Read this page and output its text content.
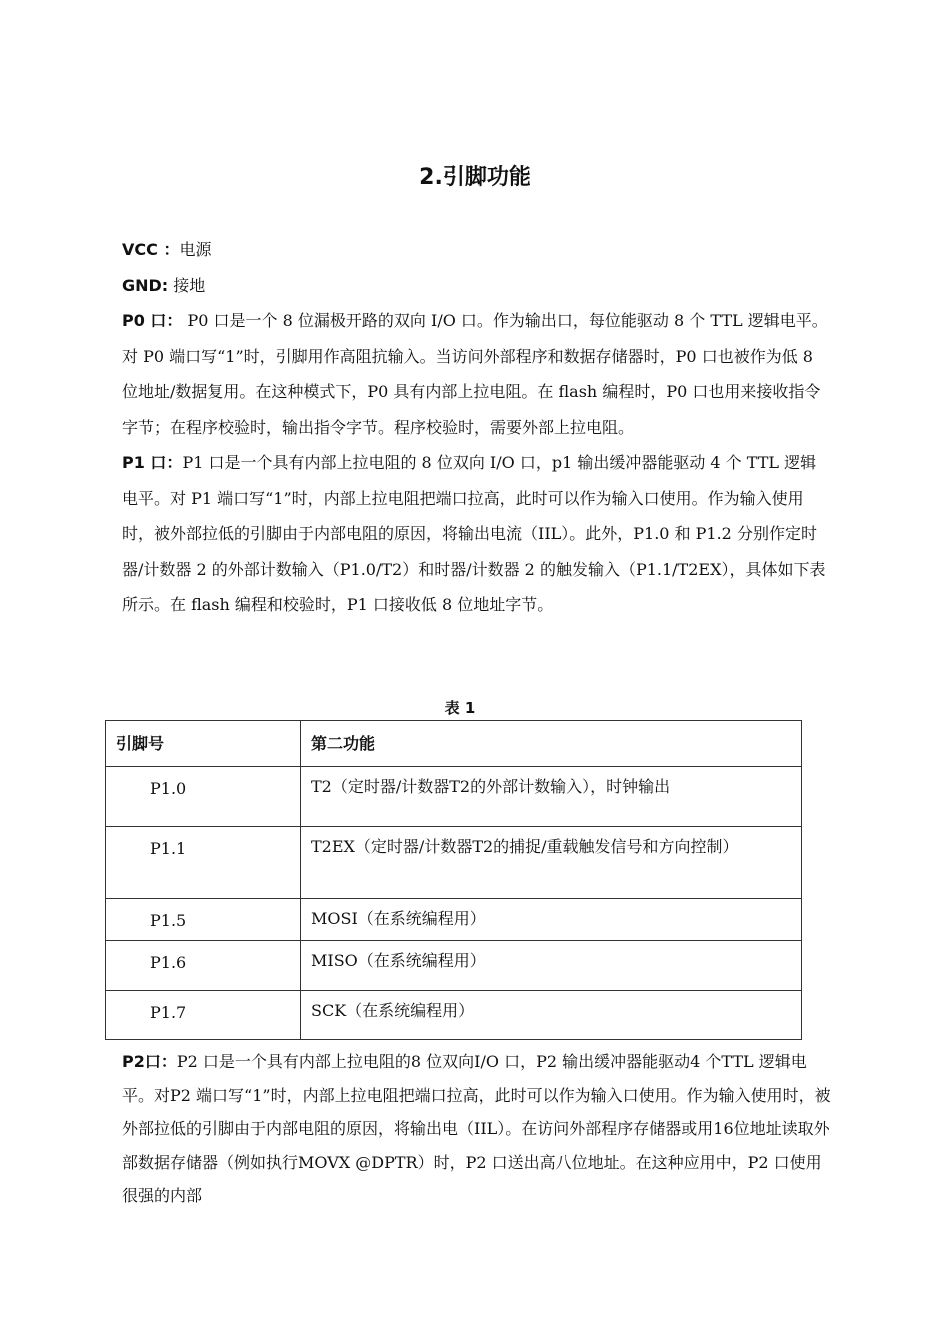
2.引脚功能

VCC ：电源

GND: 接地

P0 口： P0 口是一个 8 位漏极开路的双向 I/O 口。作为输出口，每位能驱动 8 个 TTL 逻辑电平。对 P0 端口写“1”时，引脚用作高阻抗输入。当访问外部程序和数据存储器时，P0 口也被作为低 8 位地址/数据复用。在这种模式下，P0 具有内部上拉电阻。在 flash 编程时，P0 口也用来接收指令字节；在程序校验时，输出指令字节。程序校验时，需要外部上拉电阻。

P1 口：P1 口是一个具有内部上拉电阻的 8 位双向 I/O 口，p1 输出缓冲器能驱动 4 个 TTL 逻辑电平。对 P1 端口写“1”时，内部上拉电阻把端口拉高，此时可以作为输入口使用。作为输入使用时，被外部拉低的引脚由于内部电阻的原因，将输出电流（IIL）。此外，P1.0 和 P1.2 分别作定时器/计数器 2 的外部计数输入（P1.0/T2）和时器/计数器 2 的触发输入（P1.1/T2EX），具体如下表所示。在 flash 编程和校验时，P1 口接收低 8 位地址字节。

表 1
引脚号	第二功能
P1.0	T2（定时器/计数器T2的外部计数输入），时钟输出

P1.1	T2EX（定时器/计数器T2的捕捉/重载触发信号和方向控制）

P1.5	MOSI（在系统编程用）

P1.6	MISO（在系统编程用）

P1.7	SCK（在系统编程用）

P2口：P2 口是一个具有内部上拉电阻的8 位双向I/O 口，P2 输出缓冲器能驱动4 个TTL 逻辑电平。对P2 端口写“1”时，内部上拉电阻把端口拉高，此时可以作为输入口使用。作为输入使用时，被外部拉低的引脚由于内部电阻的原因，将输出电（IIL）。在访问外部程序存储器或用16位地址读取外部数据存储器（例如执行MOVX @DPTR）时，P2 口送出高八位地址。在这种应用中，P2 口使用很强的内部
